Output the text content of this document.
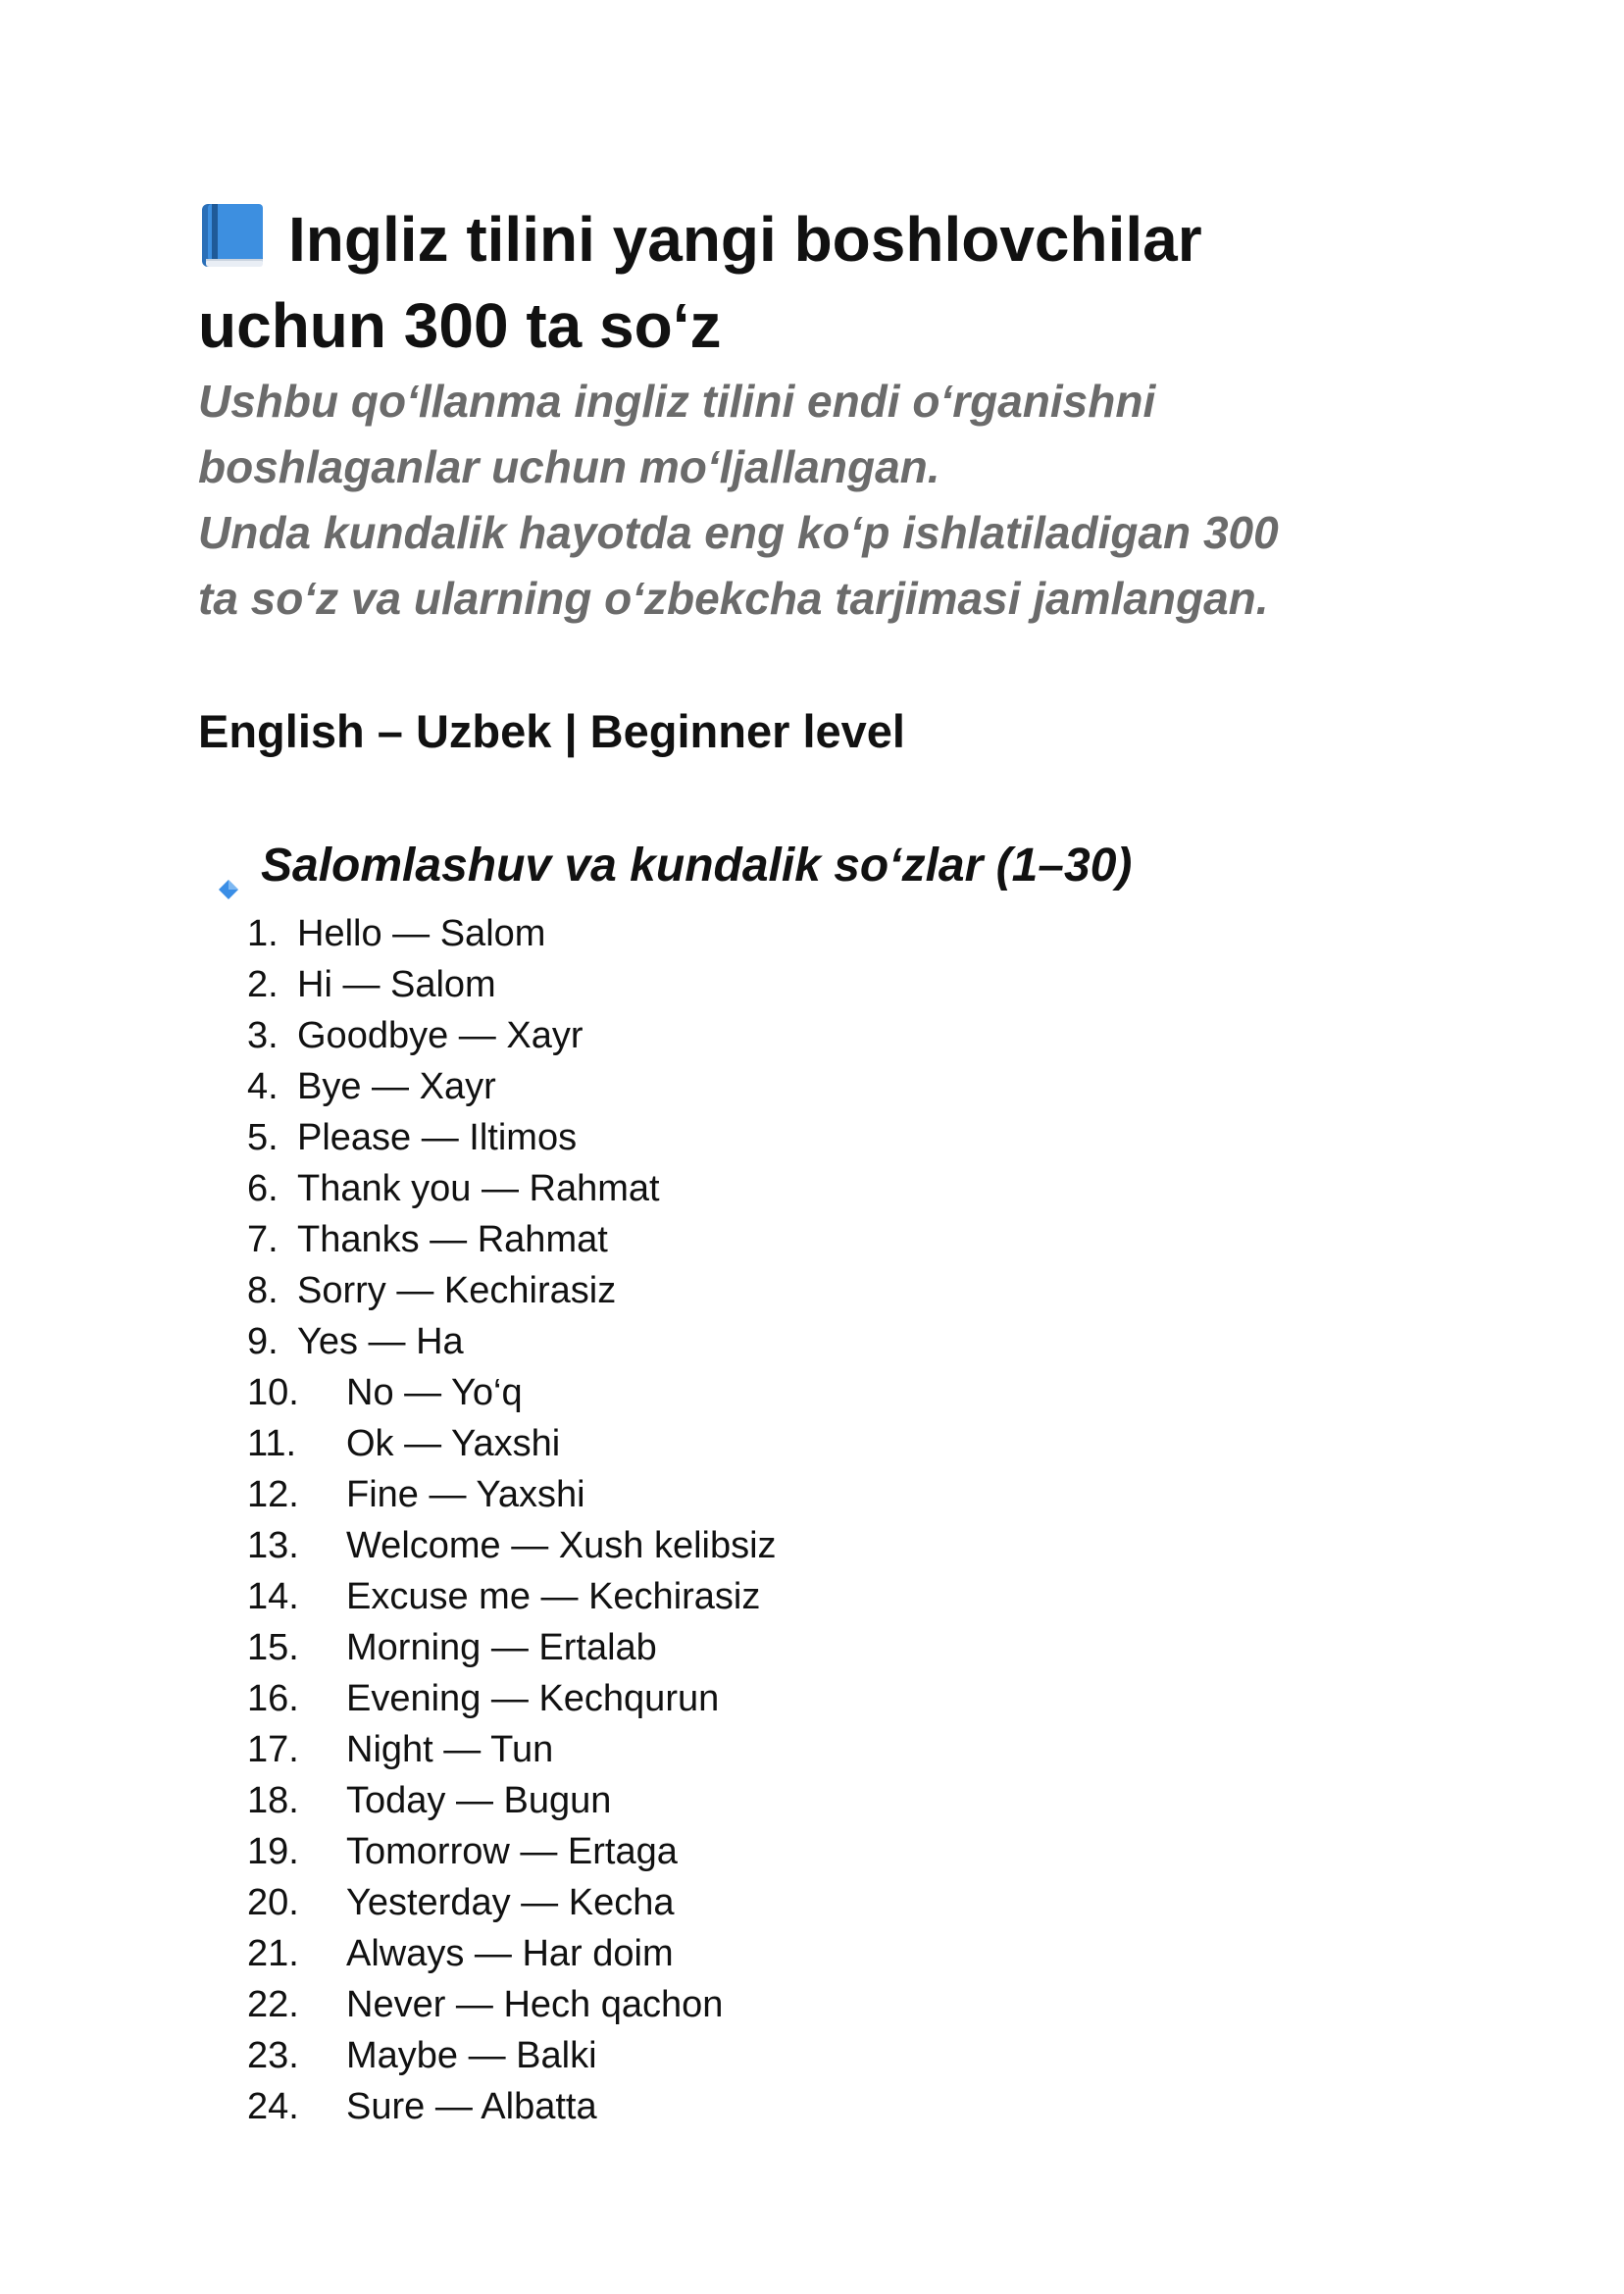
Ingliz tilini yangi boshlovchilar
uchun 300 ta so‘z
Ushbu qo‘llanma ingliz tilini endi o‘rganishni
boshlaganlar uchun mo‘ljallangan.
Unda kundalik hayotda eng ko‘p ishlatiladigan 300
ta so‘z va ularning o‘zbekcha tarjimasi jamlangan.
English – Uzbek | Beginner level
Salomlashuv va kundalik so‘zlar (1–30)
1. Hello — Salom
2. Hi — Salom
3. Goodbye — Xayr
4. Bye — Xayr
5. Please — Iltimos
6. Thank you — Rahmat
7. Thanks — Rahmat
8. Sorry — Kechirasiz
9. Yes — Ha
10. No — Yo‘q
11. Ok — Yaxshi
12. Fine — Yaxshi
13. Welcome — Xush kelibsiz
14. Excuse me — Kechirasiz
15. Morning — Ertalab
16. Evening — Kechqurun
17. Night — Tun
18. Today — Bugun
19. Tomorrow — Ertaga
20. Yesterday — Kecha
21. Always — Har doim
22. Never — Hech qachon
23. Maybe — Balki
24. Sure — Albatta
